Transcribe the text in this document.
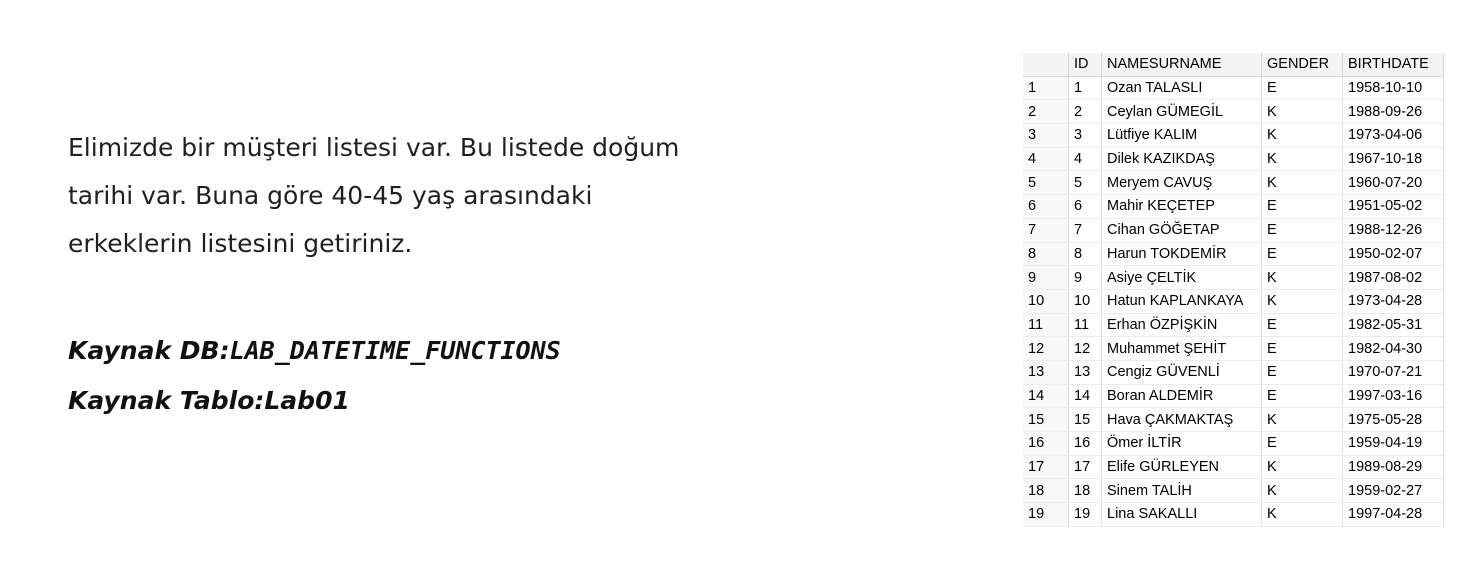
Elimizde bir müşteri listesi var. Bu listede doğum
tarihi var. Buna göre 40-45 yaş arasındaki
erkeklerin listesini getiriniz.
Kaynak DB:LAB_DATETIME_FUNCTIONS
Kaynak Tablo:Lab01
	ID	NAMESURNAME	GENDER	BIRTHDATE
1	1	Ozan TALASLI	E	1958-10-10
2	2	Ceylan GÜMEGİL	K	1988-09-26
3	3	Lütfiye KALIM	K	1973-04-06
4	4	Dilek KAZIKDAŞ	K	1967-10-18
5	5	Meryem CAVUŞ	K	1960-07-20
6	6	Mahir KEÇETEP	E	1951-05-02
7	7	Cihan GÖĞETAP	E	1988-12-26
8	8	Harun TOKDEMİR	E	1950-02-07
9	9	Asiye ÇELTİK	K	1987-08-02
10	10	Hatun KAPLANKAYA	K	1973-04-28
11	11	Erhan ÖZPİŞKİN	E	1982-05-31
12	12	Muhammet ŞEHİT	E	1982-04-30
13	13	Cengiz GÜVENLİ	E	1970-07-21
14	14	Boran ALDEMİR	E	1997-03-16
15	15	Hava ÇAKMAKTAŞ	K	1975-05-28
16	16	Ömer İLTİR	E	1959-04-19
17	17	Elife GÜRLEYEN	K	1989-08-29
18	18	Sinem TALİH	K	1959-02-27
19	19	Lina SAKALLI	K	1997-04-28
